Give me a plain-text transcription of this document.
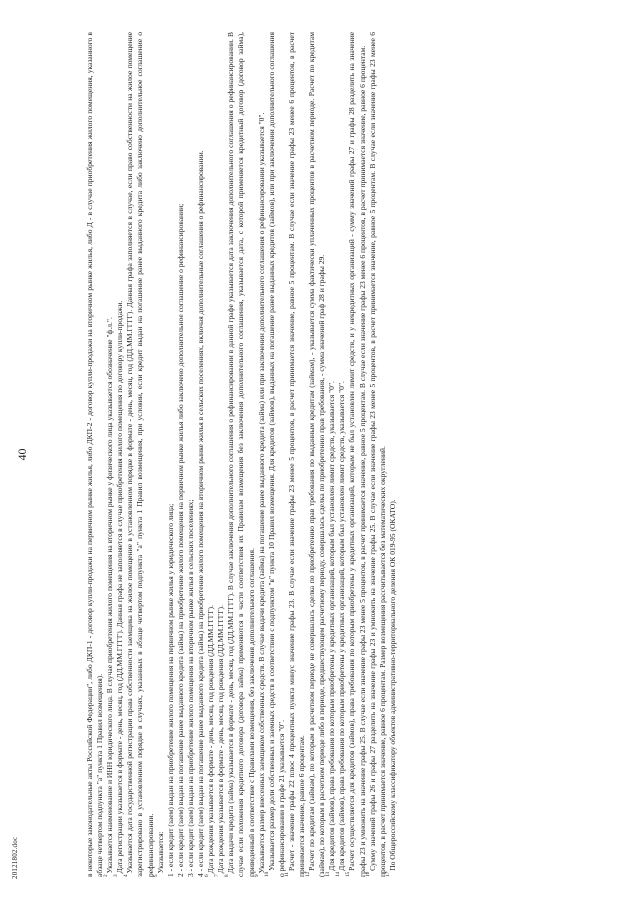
40
20121802.doc	в некоторые законодательные акты Российской Федерации", либо ДКП-1 - договор купли-продажи на первичном рынке жилья, либо ДКП-2 - договор купли-продажи на вторичном рынке жилья, либо Д - в случае приобретения жилого помещения, указанного в абзаце четвертом подпункта "а" пункта 1 Правил возмещения).

$^2$Указывается наименование и ИНН юридического лица. В случае приобретения жилого помещения на вторичном рынке у физического лица указывается обозначение "ф.л.".

$^3$Дата регистрации указывается в формате - день, месяц, год (ДД.ММ.ГГГГ). Данная графа не заполняется в случае приобретения жилого помещения по договору купли-продажи.

$^4$Указывается дата государственной регистрации права собственности заемщика на жилое помещение в установленном порядке в формате - день, месяц, год (ДД.ММ.ГГГГ). Данная графа заполняется в случае, если право собственности на жилое помещение зарегистрировано в установленном порядке в случаях, указанных в абзаце четвертом подпункта "а" пункта 1 Правил возмещения, при условии, если кредит выдан на погашение ранее выданного кредита либо заключено дополнительное соглашение о рефинансировании.

$^5$Указывается: 1 - если кредит (заем) выдан на приобретение жилого помещения на первичном рынке жилья у юридического лица; 2 - если кредит (заем) выдан на погашение ранее выданного кредита (займа) на приобретение жилого помещения на первичном рынке жилья либо заключено дополнительное соглашение о рефинансировании; 3 - если кредит (заем) выдан на приобретение жилого помещения на вторичном рынке жилья в сельских поселениях; 4 - если кредит (заем) выдан на погашение ранее выданного кредита (займа) на приобретение жилого помещения на вторичном рынке жилья в сельских поселениях, включая дополнительные соглашения о рефинансировании.

$^6$Дата рождения указывается в формате - день, месяц, год рождения (ДД.ММ.ГГГГ).

$^7$Дата рождения указывается в формате - день, месяц, год рождения (ДД.ММ.ГГГГ).

$^8$Дата выдачи кредита (займа) указывается в формате - день, месяц, год (ДД.ММ.ГГГГ). В случае заключения дополнительного соглашения о рефинансировании в данной графе указывается дата заключения дополнительного соглашения о рефинансировании. В случае если положения кредитного договора (договора займа) применяются в части соответствия их Правилам возмещения без заключения дополнительного соглашения, указывается дата, с которой применяется кредитный договор (договор займа), приведенный в соответствие с Правилами возмещения, без заключения дополнительного соглашения.

$^9$Указывается размер внесенных заемщиком собственных средств. В случае выдачи кредита (займа) на погашение ранее выданного кредита (займа) или при заключении дополнительного соглашения о рефинансировании указывается "0".

$^{10}$Указывается размер доли собственных и заемных средств в соответствии с подпунктом "в" пункта 10 Правил возмещения. Для кредитов (займов), выданных на погашение ранее выданных кредитов (займов), или при заключении дополнительного соглашения о рефинансировании в графе 21 указывается "0".

$^{11}$Расчет - значение графы 22 плюс 4 процентных пункта минус значение графы 23. В случае если значение графы 23 менее 5 процентов, в расчет принимается значение, равное 5 процентам. В случае если значение графы 23 менее 6 процентов, в расчет принимается значение, равное 6 процентам.

$^{12}$Расчет по кредитам (займам), по которым в расчетном периоде не совершалась сделка по приобретению прав требования по выданным кредитам (займам), - указывается сумма фактически уплаченных процентов в расчетном периоде. Расчет по кредитам (займам), по которым в расчетном периоде либо в периоде, предшествующем расчетному периоду, совершалась сделка по приобретению прав требования, - сумма значений граф 28 и графы 29.

$^{13}$Для кредитов (займов), права требования по которым приобретены у кредитных организаций, которым был установлен лимит средств, указывается "0".

$^{14}$Для кредитов (займов), права требования по которым приобретены у кредитных организаций, которым был установлен лимит средств, указывается "0".

$^{15}$Расчет осуществляется для кредитов (займов), права требования по которым приобретены у кредитных организаций, которым не был установлен лимит средств, и у некредитных организаций - сумму значений графы 27 и графы 28 разделить на значение графы 23 и умножить на значение графы 25. В случае если значение графы 23 менее 5 процентов, в расчет принимается значение, равное 5 процентам. В случае если значение графы 23 менее 6 процентов, в расчет принимается значение, равное 6 процентам.

$^{16}$Сумму значений графы 26 и графы 27 разделить на значение графы 23 и умножить на значение графы 25. В случае если значение графы 23 менее 5 процентов, в расчет принимается значение, равное 5 процентам. В случае если значение графы 23 менее 6 процентов, в расчет принимается значение, равное 6 процентам. Размер возмещения рассчитывается без математических округлений.

$^{17}$По Общероссийскому классификатору объектов административно-территориального деления ОК 019-95 (ОКАТО).
